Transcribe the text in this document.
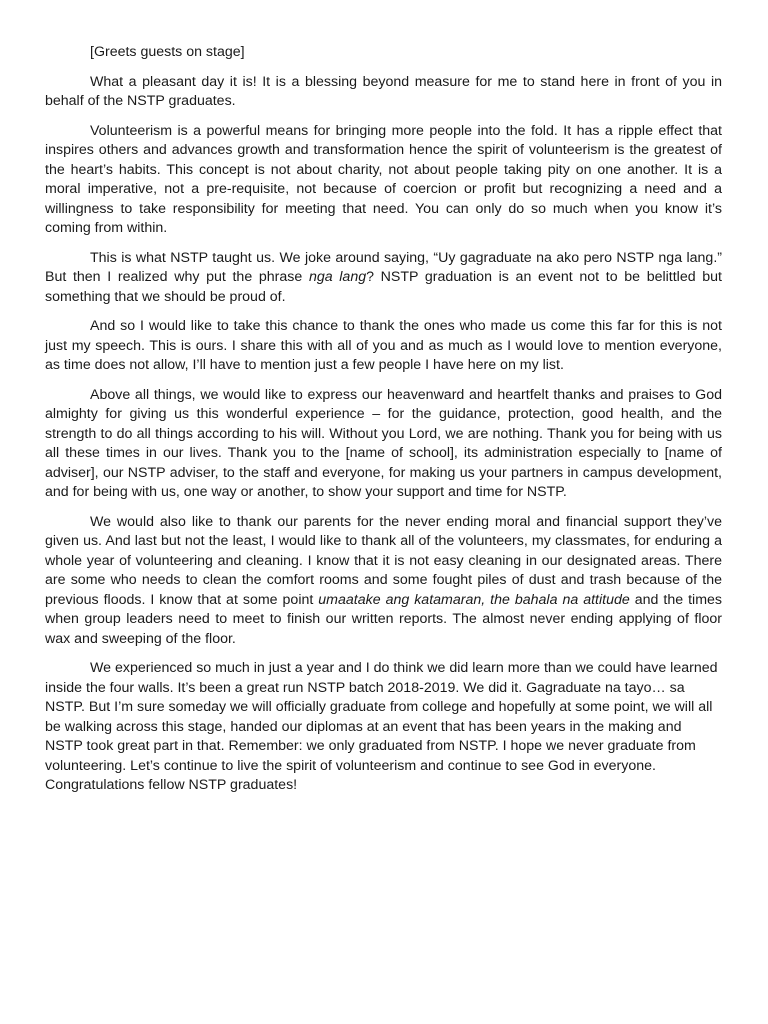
[Greets guests on stage]

What a pleasant day it is! It is a blessing beyond measure for me to stand here in front of you in behalf of the NSTP graduates.

Volunteerism is a powerful means for bringing more people into the fold. It has a ripple effect that inspires others and advances growth and transformation hence the spirit of volunteerism is the greatest of the heart’s habits. This concept is not about charity, not about people taking pity on one another. It is a moral imperative, not a pre-requisite, not because of coercion or profit but recognizing a need and a willingness to take responsibility for meeting that need. You can only do so much when you know it’s coming from within.

This is what NSTP taught us. We joke around saying, “Uy gagraduate na ako pero NSTP nga lang.” But then I realized why put the phrase nga lang? NSTP graduation is an event not to be belittled but something that we should be proud of.

And so I would like to take this chance to thank the ones who made us come this far for this is not just my speech. This is ours. I share this with all of you and as much as I would love to mention everyone, as time does not allow, I’ll have to mention just a few people I have here on my list.

Above all things, we would like to express our heavenward and heartfelt thanks and praises to God almighty for giving us this wonderful experience – for the guidance, protection, good health, and the strength to do all things according to his will. Without you Lord, we are nothing. Thank you for being with us all these times in our lives. Thank you to the [name of school], its administration especially to [name of adviser], our NSTP adviser, to the staff and everyone, for making us your partners in campus development, and for being with us, one way or another, to show your support and time for NSTP.

We would also like to thank our parents for the never ending moral and financial support they’ve given us. And last but not the least, I would like to thank all of the volunteers, my classmates, for enduring a whole year of volunteering and cleaning. I know that it is not easy cleaning in our designated areas. There are some who needs to clean the comfort rooms and some fought piles of dust and trash because of the previous floods. I know that at some point umaatake ang katamaran, the bahala na attitude and the times when group leaders need to meet to finish our written reports. The almost never ending applying of floor wax and sweeping of the floor.

We experienced so much in just a year and I do think we did learn more than we could have learned inside the four walls. It’s been a great run NSTP batch 2018-2019. We did it. Gagraduate na tayo… sa NSTP. But I’m sure someday we will officially graduate from college and hopefully at some point, we will all be walking across this stage, handed our diplomas at an event that has been years in the making and NSTP took great part in that. Remember: we only graduated from NSTP. I hope we never graduate from volunteering. Let’s continue to live the spirit of volunteerism and continue to see God in everyone. Congratulations fellow NSTP graduates!
